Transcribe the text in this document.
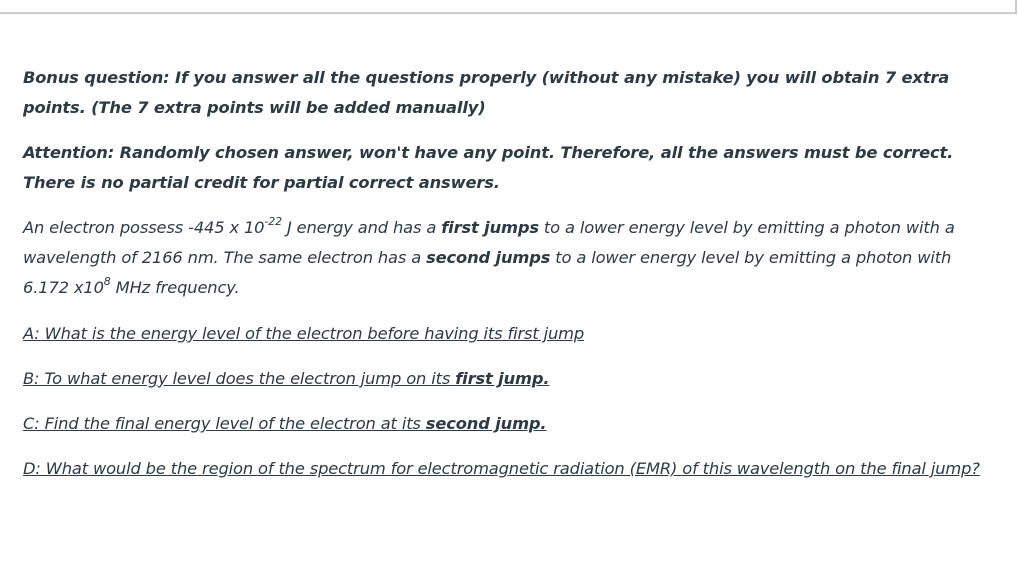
Bonus question: If you answer all the questions properly (without any mistake) you will obtain 7 extra points. (The 7 extra points will be added manually)

Attention: Randomly chosen answer, won't have any point. Therefore, all the answers must be correct. There is no partial credit for partial correct answers.

An electron possess -445 x $10^{-22}$ J energy and has a first jumps to a lower energy level by emitting a photon with a wavelength of 2166 nm. The same electron has a second jumps to a lower energy level by emitting a photon with 6.172 $x10^8$ MHz frequency.

A: What is the energy level of the electron before having its first jump

B: To what energy level does the electron jump on its first jump.

C: Find the final energy level of the electron at its second jump.

D: What would be the region of the spectrum for electromagnetic radiation (EMR) of this wavelength on the final jump?
